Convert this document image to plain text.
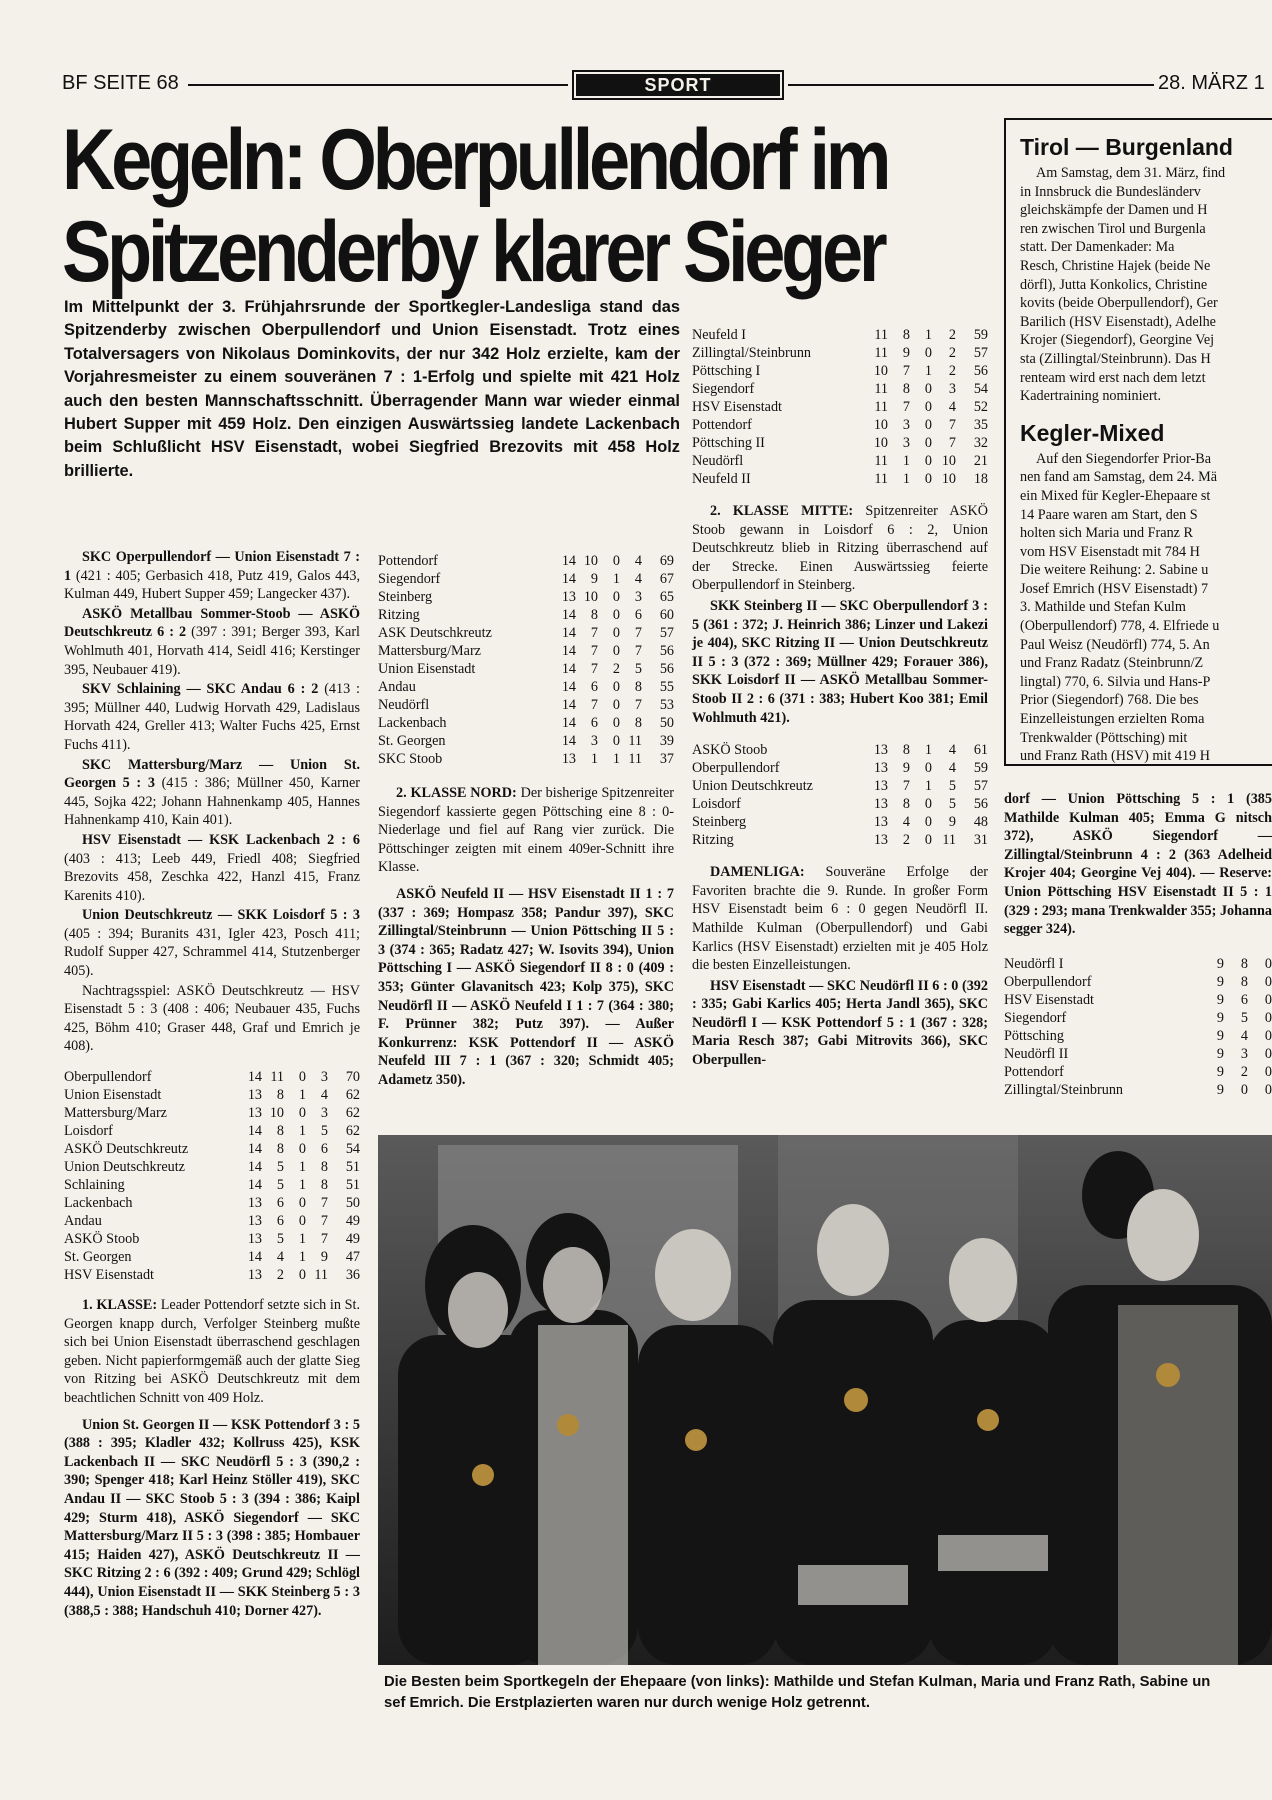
BF SEITE 68	SPORT	28. MÄRZ 1
Kegeln: Oberpullendorf im
Spitzenderby klarer Sieger
Im Mittelpunkt der 3. Frühjahrsrunde der Sportkegler-Landesliga stand das Spitzenderby zwischen Oberpullendorf und Union Eisenstadt. Trotz eines Totalversagers von Nikolaus Dominkovits, der nur 342 Holz erzielte, kam der Vorjahresmeister zu einem souveränen 7 : 1-Erfolg und spielte mit 421 Holz auch den besten Mannschaftsschnitt. Überragender Mann war wieder einmal Hubert Supper mit 459 Holz. Den einzigen Auswärtssieg landete Lackenbach beim Schlußlicht HSV Eisenstadt, wobei Siegfried Brezovits mit 458 Holz brillierte.

SKC Operpullendorf — Union Eisenstadt 7 : 1 (421 : 405; Gerbasich 418, Putz 419, Galos 443, Kulman 449, Hubert Supper 459; Langecker 437).

ASKÖ Metallbau Sommer-Stoob — ASKÖ Deutschkreutz 6 : 2 (397 : 391; Berger 393, Karl Wohlmuth 401, Horvath 414, Seidl 416; Kerstinger 395, Neubauer 419).

SKV Schlaining — SKC Andau 6 : 2 (413 : 395; Müllner 440, Ludwig Horvath 429, Ladislaus Horvath 424, Greller 413; Walter Fuchs 425, Ernst Fuchs 411).

SKC Mattersburg/Marz — Union St. Georgen 5 : 3 (415 : 386; Müllner 450, Karner 445, Sojka 422; Johann Hahnenkamp 405, Hannes Hahnenkamp 410, Kain 401).

HSV Eisenstadt — KSK Lackenbach 2 : 6 (403 : 413; Leeb 449, Friedl 408; Siegfried Brezovits 458, Zeschka 422, Hanzl 415, Franz Karenits 410).

Union Deutschkreutz — SKK Loisdorf 5 : 3 (405 : 394; Buranits 431, Igler 423, Posch 411; Rudolf Supper 427, Schrammel 414, Stutzenberger 405).

Nachtragsspiel: ASKÖ Deutschkreutz — HSV Eisenstadt 5 : 3 (408 : 406; Neubauer 435, Fuchs 425, Böhm 410; Graser 448, Graf und Emrich je 408).

Oberpullendorf	14	11	0	3	70
Union Eisenstadt	13	8	1	4	62
Mattersburg/Marz	13	10	0	3	62
Loisdorf	14	8	1	5	62
ASKÖ Deutschkreutz	14	8	0	6	54
Union Deutschkreutz	14	5	1	8	51
Schlaining	14	5	1	8	51
Lackenbach	13	6	0	7	50
Andau	13	6	0	7	49
ASKÖ Stoob	13	5	1	7	49
St. Georgen	14	4	1	9	47
HSV Eisenstadt	13	2	0	11	36

1. KLASSE: Leader Pottendorf setzte sich in St. Georgen knapp durch, Verfolger Steinberg mußte sich bei Union Eisenstadt überraschend geschlagen geben. Nicht papierformgemäß auch der glatte Sieg von Ritzing bei ASKÖ Deutschkreutz mit dem beachtlichen Schnitt von 409 Holz.

Union St. Georgen II — KSK Pottendorf 3 : 5 (388 : 395; Kladler 432; Kollruss 425), KSK Lackenbach II — SKC Neudörfl 5 : 3 (390,2 : 390; Spenger 418; Karl Heinz Stöller 419), SKC Andau II — SKC Stoob 5 : 3 (394 : 386; Kaipl 429; Sturm 418), ASKÖ Siegendorf — SKC Mattersburg/Marz II 5 : 3 (398 : 385; Hombauer 415; Haiden 427), ASKÖ Deutschkreutz II — SKC Ritzing 2 : 6 (392 : 409; Grund 429; Schlögl 444), Union Eisenstadt II — SKK Steinberg 5 : 3 (388,5 : 388; Handschuh 410; Dorner 427).

Pottendorf	14	10	0	4	69
Siegendorf	14	9	1	4	67
Steinberg	13	10	0	3	65
Ritzing	14	8	0	6	60
ASK Deutschkreutz	14	7	0	7	57
Mattersburg/Marz	14	7	0	7	56
Union Eisenstadt	14	7	2	5	56
Andau	14	6	0	8	55
Neudörfl	14	7	0	7	53
Lackenbach	14	6	0	8	50
St. Georgen	14	3	0	11	39
SKC Stoob	13	1	1	11	37

2. KLASSE NORD: Der bisherige Spitzenreiter Siegendorf kassierte gegen Pöttsching eine 8 : 0-Niederlage und fiel auf Rang vier zurück. Die Pöttschinger zeigten mit einem 409er-Schnitt ihre Klasse.

ASKÖ Neufeld II — HSV Eisenstadt II 1 : 7 (337 : 369; Hompasz 358; Pandur 397), SKC Zillingtal/Steinbrunn — Union Pöttsching II 5 : 3 (374 : 365; Radatz 427; W. Isovits 394), Union Pöttsching I — ASKÖ Siegendorf II 8 : 0 (409 : 353; Günter Glavanitsch 423; Kolp 375), SKC Neudörfl II — ASKÖ Neufeld I 1 : 7 (364 : 380; F. Prünner 382; Putz 397). — Außer Konkurrenz: KSK Pottendorf II — ASKÖ Neufeld III 7 : 1 (367 : 320; Schmidt 405; Adametz 350).

Neufeld I	11	8	1	2	59
Zillingtal/Steinbrunn	11	9	0	2	57
Pöttsching I	10	7	1	2	56
Siegendorf	11	8	0	3	54
HSV Eisenstadt	11	7	0	4	52
Pottendorf	10	3	0	7	35
Pöttsching II	10	3	0	7	32
Neudörfl	11	1	0	10	21
Neufeld II	11	1	0	10	18

2. KLASSE MITTE: Spitzenreiter ASKÖ Stoob gewann in Loisdorf 6 : 2, Union Deutschkreutz blieb in Ritzing überraschend auf der Strecke. Einen Auswärtssieg feierte Oberpullendorf in Steinberg.

SKK Steinberg II — SKC Oberpullendorf 3 : 5 (361 : 372; J. Heinrich 386; Linzer und Lakezi je 404), SKC Ritzing II — Union Deutschkreutz II 5 : 3 (372 : 369; Müllner 429; Forauer 386), SKK Loisdorf II — ASKÖ Metallbau Sommer-Stoob II 2 : 6 (371 : 383; Hubert Koo 381; Emil Wohlmuth 421).

ASKÖ Stoob	13	8	1	4	61
Oberpullendorf	13	9	0	4	59
Union Deutschkreutz	13	7	1	5	57
Loisdorf	13	8	0	5	56
Steinberg	13	4	0	9	48
Ritzing	13	2	0	11	31

DAMENLIGA: Souveräne Erfolge der Favoriten brachte die 9. Runde. In großer Form HSV Eisenstadt beim 6 : 0 gegen Neudörfl II. Mathilde Kulman (Oberpullendorf) und Gabi Karlics (HSV Eisenstadt) erzielten mit je 405 Holz die besten Einzelleistungen.

HSV Eisenstadt — SKC Neudörfl II 6 : 0 (392 : 335; Gabi Karlics 405; Herta Jandl 365), SKC Neudörfl I — KSK Pottendorf 5 : 1 (367 : 328; Maria Resch 387; Gabi Mitrovits 366), SKC Oberpullen-

dorf — Union Pöttsching 5 : 1 (385 Mathilde Kulman 405; Emma G nitsch 372), ASKÖ Siegendorf — Zillingtal/Steinbrunn 4 : 2 (363 Adelheid Krojer 404; Georgine Vej 404). — Reserve: Union Pöttsching HSV Eisenstadt II 5 : 1 (329 : 293; mana Trenkwalder 355; Johanna segger 324).

Neudörfl I	9	8	0
Oberpullendorf	9	8	0
HSV Eisenstadt	9	6	0
Siegendorf	9	5	0
Pöttsching	9	4	0
Neudörfl II	9	3	0
Pottendorf	9	2	0
Zillingtal/Steinbrunn	9	0	0
Tirol — Burgenland

Am Samstag, dem 31. März, find

in Innsbruck die Bundesländerv

gleichskämpfe der Damen und H

ren zwischen Tirol und Burgenla

statt. Der Damenkader: Ma

Resch, Christine Hajek (beide Ne

dörfl), Jutta Konkolics, Christine

kovits (beide Oberpullendorf), Ger

Barilich (HSV Eisenstadt), Adelhe

Krojer (Siegendorf), Georgine Vej

sta (Zillingtal/Steinbrunn). Das H

renteam wird erst nach dem letzt

Kadertraining nominiert.

Kegler-Mixed

Auf den Siegendorfer Prior-Ba

nen fand am Samstag, dem 24. Mä

ein Mixed für Kegler-Ehepaare st

14 Paare waren am Start, den S

holten sich Maria und Franz R

vom HSV Eisenstadt mit 784 H

Die weitere Reihung: 2. Sabine u

Josef Emrich (HSV Eisenstadt) 7

3. Mathilde und Stefan Kulm

(Oberpullendorf) 778, 4. Elfriede u

Paul Weisz (Neudörfl) 774, 5. An

und Franz Radatz (Steinbrunn/Z

lingtal) 770, 6. Silvia und Hans-P

Prior (Siegendorf) 768. Die bes

Einzelleistungen erzielten Roma

Trenkwalder (Pöttsching) mit

und Franz Rath (HSV) mit 419 H

Die Besten beim Sportkegeln der Ehepaare (von links): Mathilde und Stefan Kulman, Maria und Franz Rath, Sabine un
sef Emrich. Die Erstplazierten waren nur durch wenige Holz getrennt.
